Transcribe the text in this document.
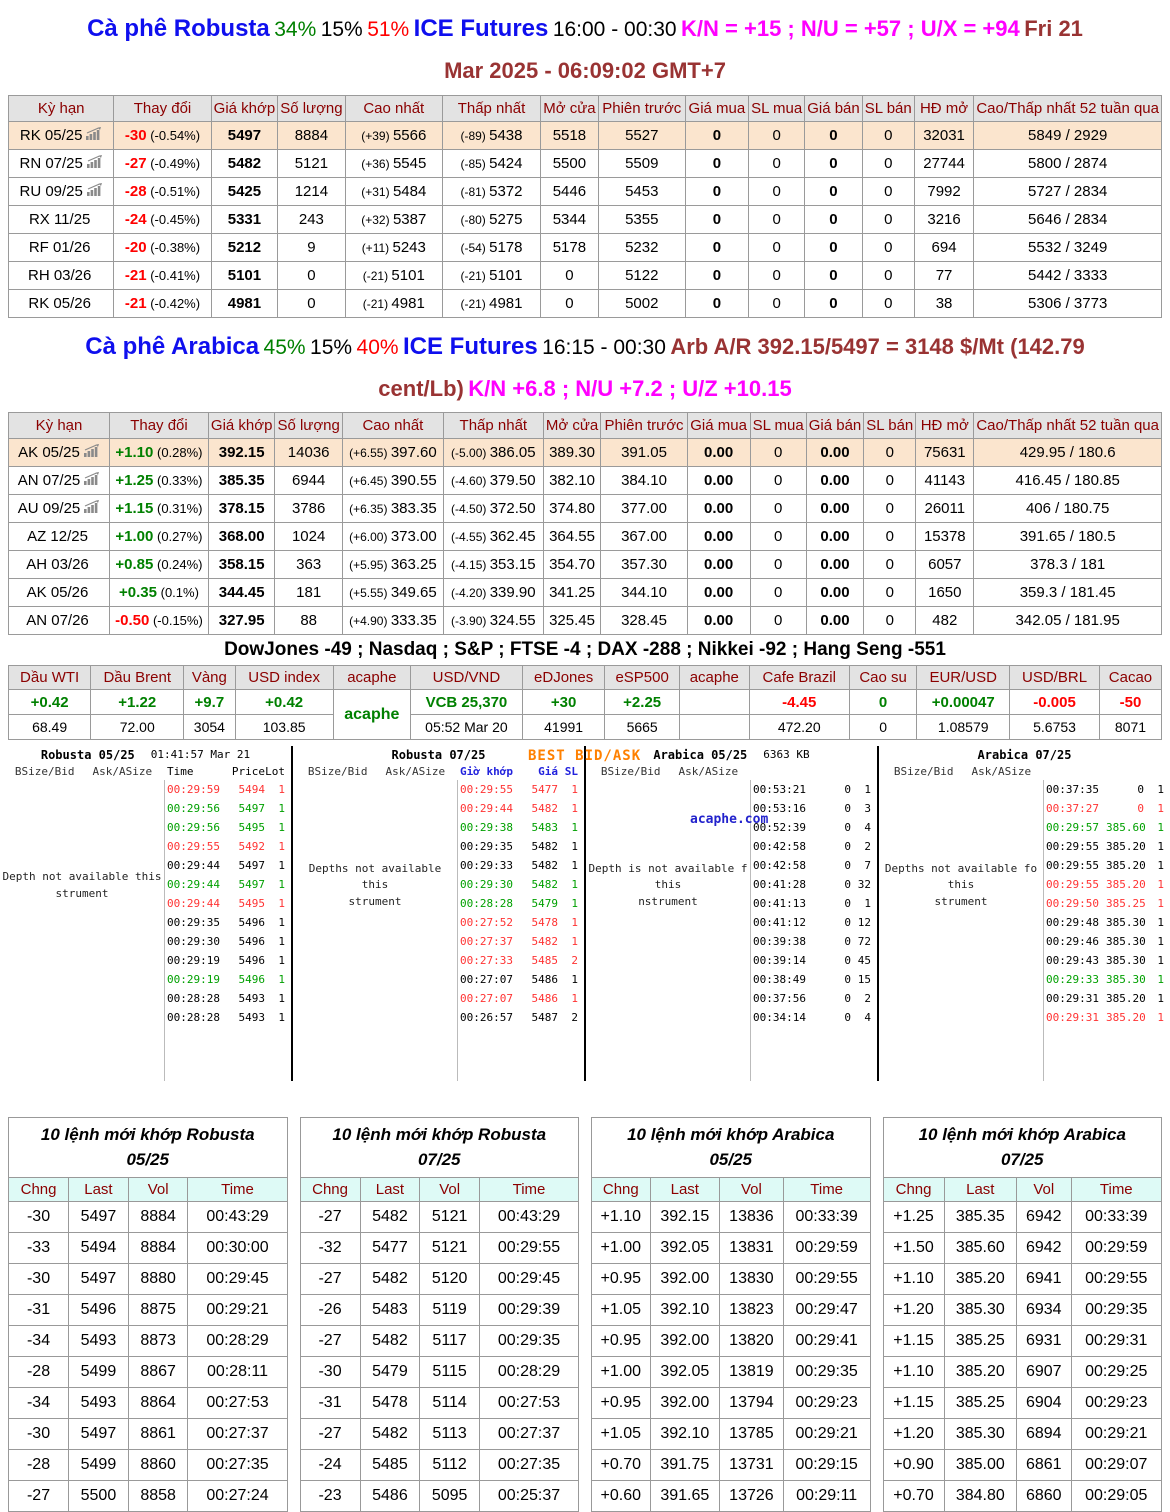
Cà phê Robusta 34% 15% 51% ICE Futures 16:00 - 00:30 K/N = +15 ; N/U = +57 ; U/X = +94 Fri 21
Mar 2025 - 06:09:02 GMT+7
Kỳ hạn	Thay đổi	Giá khớp	Số lượng	Cao nhất	Thấp nhất	Mở cửa	Phiên trước	Giá mua	SL mua	Giá bán	SL bán	HĐ mở	Cao/Thấp nhất 52 tuần qua
RK 05/25	-30 (-0.54%)	5497	8884	(+39) 5566	(-89) 5438	5518	5527	0	0	0	0	32031	5849 / 2929
RN 07/25	-27 (-0.49%)	5482	5121	(+36) 5545	(-85) 5424	5500	5509	0	0	0	0	27744	5800 / 2874
RU 09/25	-28 (-0.51%)	5425	1214	(+31) 5484	(-81) 5372	5446	5453	0	0	0	0	7992	5727 / 2834
RX 11/25	-24 (-0.45%)	5331	243	(+32) 5387	(-80) 5275	5344	5355	0	0	0	0	3216	5646 / 2834
RF 01/26	-20 (-0.38%)	5212	9	(+11) 5243	(-54) 5178	5178	5232	0	0	0	0	694	5532 / 3249
RH 03/26	-21 (-0.41%)	5101	0	(-21) 5101	(-21) 5101	0	5122	0	0	0	0	77	5442 / 3333
RK 05/26	-21 (-0.42%)	4981	0	(-21) 4981	(-21) 4981	0	5002	0	0	0	0	38	5306 / 3773
Cà phê Arabica 45% 15% 40% ICE Futures 16:15 - 00:30 Arb A/R 392.15/5497 = 3148 $/Mt (142.79
cent/Lb) K/N +6.8 ; N/U +7.2 ; U/Z +10.15
Kỳ hạn	Thay đổi	Giá khớp	Số lượng	Cao nhất	Thấp nhất	Mở cửa	Phiên trước	Giá mua	SL mua	Giá bán	SL bán	HĐ mở	Cao/Thấp nhất 52 tuần qua
AK 05/25	+1.10 (0.28%)	392.15	14036	(+6.55) 397.60	(-5.00) 386.05	389.30	391.05	0.00	0	0.00	0	75631	429.95 / 180.6
AN 07/25	+1.25 (0.33%)	385.35	6944	(+6.45) 390.55	(-4.60) 379.50	382.10	384.10	0.00	0	0.00	0	41143	416.45 / 180.85
AU 09/25	+1.15 (0.31%)	378.15	3786	(+6.35) 383.35	(-4.50) 372.50	374.80	377.00	0.00	0	0.00	0	26011	406 / 180.75
AZ 12/25	+1.00 (0.27%)	368.00	1024	(+6.00) 373.00	(-4.55) 362.45	364.55	367.00	0.00	0	0.00	0	15378	391.65 / 180.5
AH 03/26	+0.85 (0.24%)	358.15	363	(+5.95) 363.25	(-4.15) 353.15	354.70	357.30	0.00	0	0.00	0	6057	378.3 / 181
AK 05/26	+0.35 (0.1%)	344.45	181	(+5.55) 349.65	(-4.20) 339.90	341.25	344.10	0.00	0	0.00	0	1650	359.3 / 181.45
AN 07/26	-0.50 (-0.15%)	327.95	88	(+4.90) 333.35	(-3.90) 324.55	325.45	328.45	0.00	0	0.00	0	482	342.05 / 181.95
DowJones -49 ; Nasdaq ; S&P ; FTSE -4 ; DAX -288 ; Nikkei -92 ; Hang Seng -551
Dầu WTI	Dầu Brent	Vàng	USD index	acaphe	USD/VND	eDJones	eSP500	acaphe	Cafe Brazil	Cao su	EUR/USD	USD/BRL	Cacao
+0.42	+1.22	+9.7	+0.42	acaphe	VCB 25,370	+30	+2.25		-4.45	0	+0.00047	-0.005	-50
68.49	72.00	3054	103.85		05:52 Mar 20	41991	5665		472.20	0	1.08579	5.6753	8071
Robusta 05/25 01:41:57 Mar 21
BSize/Bid Ask/ASize Time	Price Lot
Depth not available this
strument
00:29:59	5494	1
00:29:56	5497	1
00:29:56	5495	1
00:29:55	5492	1
00:29:44	5497	1
00:29:44	5497	1
00:29:44	5495	1
00:29:35	5496	1
00:29:30	5496	1
00:29:19	5496	1
00:29:19	5496	1
00:28:28	5493	1
00:28:28	5493	1
Robusta 07/25
BSize/Bid Ask/ASize Giờ khớp	Giá SL
Depths not available this
strument
00:29:55	5477	1
00:29:44	5482	1
00:29:38	5483	1
00:29:35	5482	1
00:29:33	5482	1
00:29:30	5482	1
00:28:28	5479	1
00:27:52	5478	1
00:27:37	5482	1
00:27:33	5485	2
00:27:07	5486	1
00:27:07	5486	1
00:26:57	5487	2
Arabica 05/25 6363 KB
BSize/Bid Ask/ASize
Depth is not available f this
nstrument
00:53:21	0	1
00:53:16	0	3
00:52:39	0	4
00:42:58	0	2
00:42:58	0	7
00:41:28	0 32
00:41:13	0	1
00:41:12	0 12
00:39:38	0 72
00:39:14	0 45
00:38:49	0 15
00:37:56	0	2
00:34:14	0	4
Arabica 07/25
BSize/Bid Ask/ASize
Depths not available fo this
strument
00:37:35	0	1
00:37:27	0	1
00:29:57 385.60	1
00:29:55 385.20	1
00:29:55 385.20	1
00:29:55 385.20	1
00:29:50 385.25	1
00:29:48 385.30	1
00:29:46 385.30	1
00:29:43 385.30	1
00:29:33 385.30	1
00:29:31 385.20	1
00:29:31 385.20	1
BEST BID/ASK
acaphe.com
10 lệnh mới khớp Robusta
05/25			
Chng	Last	Vol	Time
-30	5497	8884	00:43:29
-33	5494	8884	00:30:00
-30	5497	8880	00:29:45
-31	5496	8875	00:29:21
-34	5493	8873	00:28:29
-28	5499	8867	00:28:11
-34	5493	8864	00:27:53
-30	5497	8861	00:27:37
-28	5499	8860	00:27:35
-27	5500	8858	00:27:24
10 lệnh mới khớp Robusta
07/25			
Chng	Last	Vol	Time
-27	5482	5121	00:43:29
-32	5477	5121	00:29:55
-27	5482	5120	00:29:45
-26	5483	5119	00:29:39
-27	5482	5117	00:29:35
-30	5479	5115	00:28:29
-31	5478	5114	00:27:53
-27	5482	5113	00:27:37
-24	5485	5112	00:27:35
-23	5486	5095	00:25:37
10 lệnh mới khớp Arabica
05/25			
Chng	Last	Vol	Time
+1.10	392.15	13836	00:33:39
+1.00	392.05	13831	00:29:59
+0.95	392.00	13830	00:29:55
+1.05	392.10	13823	00:29:47
+0.95	392.00	13820	00:29:41
+1.00	392.05	13819	00:29:35
+0.95	392.00	13794	00:29:23
+1.05	392.10	13785	00:29:21
+0.70	391.75	13731	00:29:15
+0.60	391.65	13726	00:29:11
10 lệnh mới khớp Arabica
07/25			
Chng	Last	Vol	Time
+1.25	385.35	6942	00:33:39
+1.50	385.60	6942	00:29:59
+1.10	385.20	6941	00:29:55
+1.20	385.30	6934	00:29:35
+1.15	385.25	6931	00:29:31
+1.10	385.20	6907	00:29:25
+1.15	385.25	6904	00:29:23
+1.20	385.30	6894	00:29:21
+0.90	385.00	6861	00:29:07
+0.70	384.80	6860	00:29:05
